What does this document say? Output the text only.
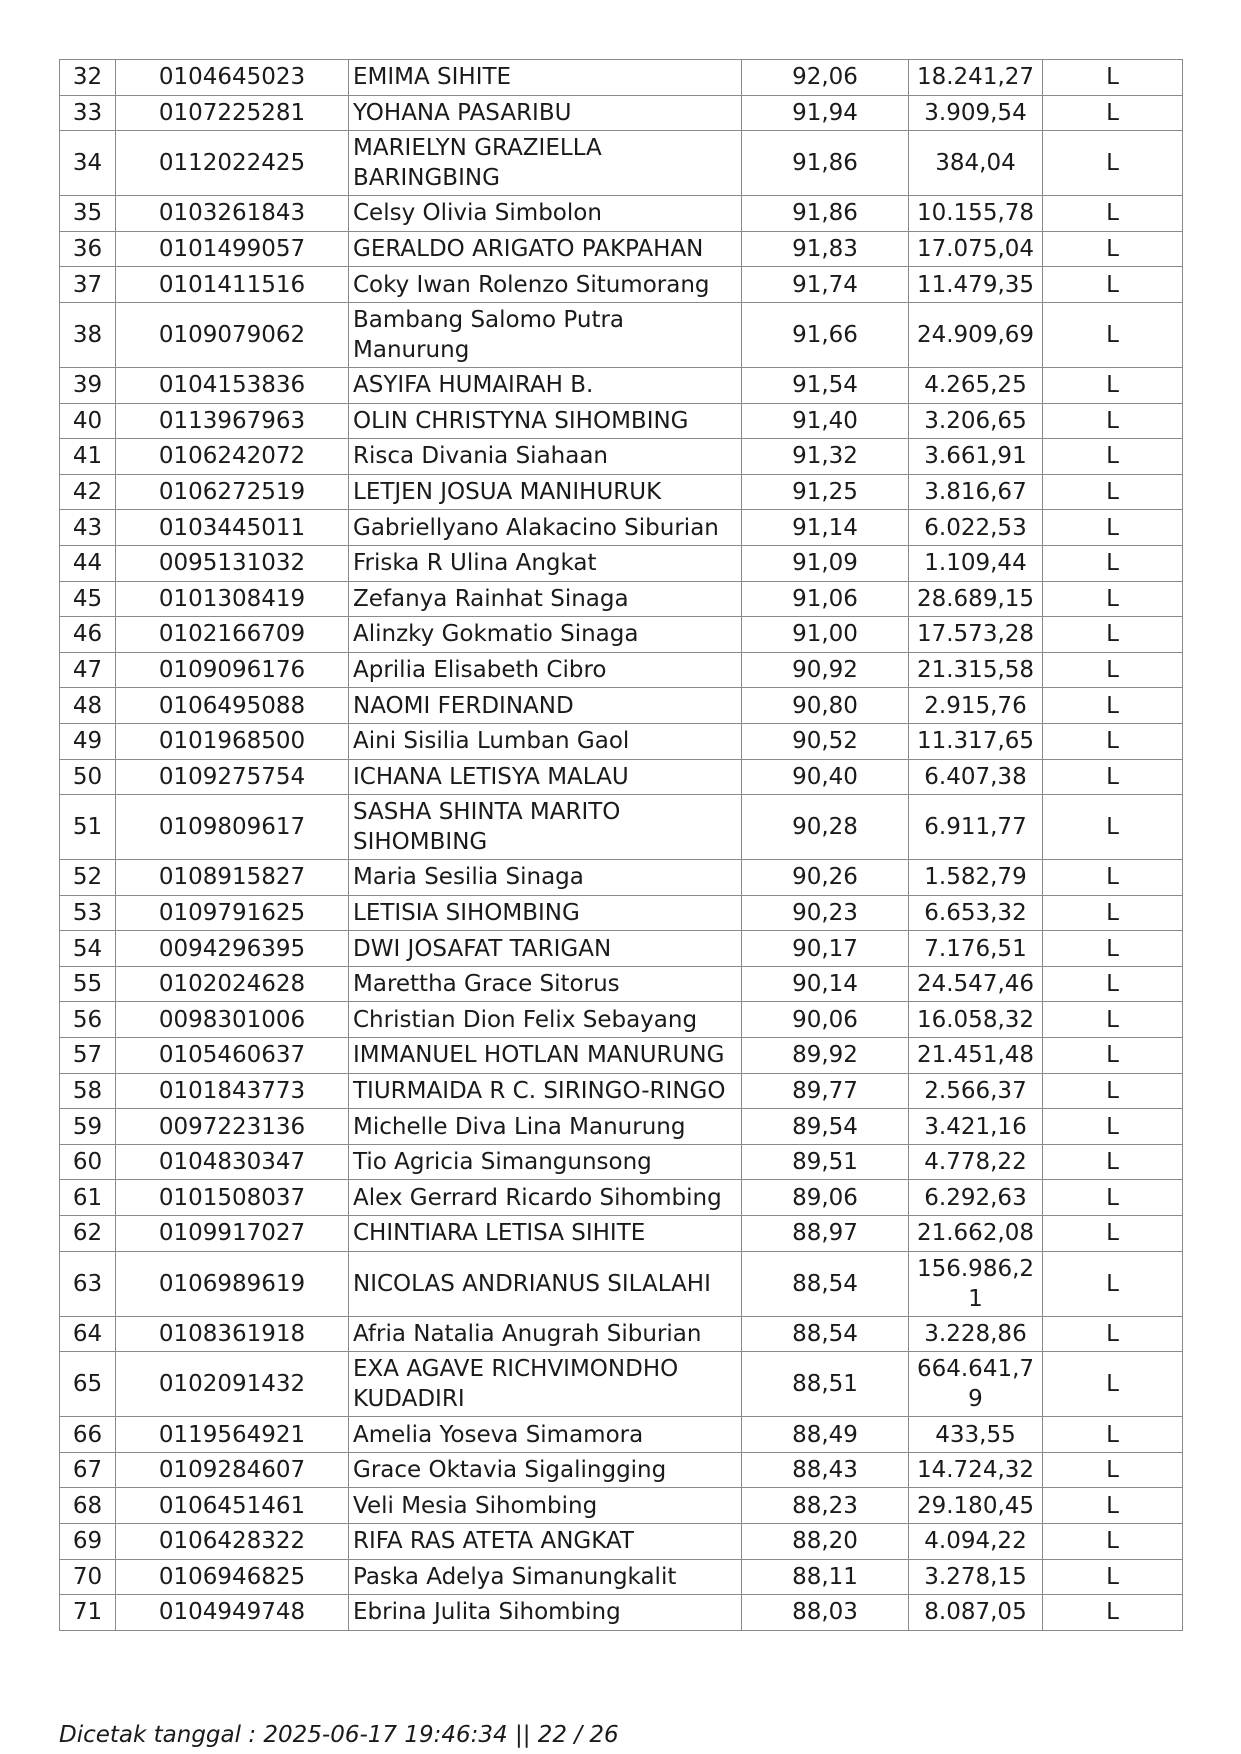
32	0104645023	EMIMA SIHITE	92,06	18.241,27	L
33	0107225281	YOHANA PASARIBU	91,94	3.909,54	L
34	0112022425	MARIELYN GRAZIELLA BARINGBING	91,86	384,04	L
35	0103261843	Celsy Olivia Simbolon	91,86	10.155,78	L
36	0101499057	GERALDO ARIGATO PAKPAHAN	91,83	17.075,04	L
37	0101411516	Coky Iwan Rolenzo Situmorang	91,74	11.479,35	L
38	0109079062	Bambang Salomo Putra Manurung	91,66	24.909,69	L
39	0104153836	ASYIFA HUMAIRAH B.	91,54	4.265,25	L
40	0113967963	OLIN CHRISTYNA SIHOMBING	91,40	3.206,65	L
41	0106242072	Risca Divania Siahaan	91,32	3.661,91	L
42	0106272519	LETJEN JOSUA MANIHURUK	91,25	3.816,67	L
43	0103445011	Gabriellyano Alakacino Siburian	91,14	6.022,53	L
44	0095131032	Friska R Ulina Angkat	91,09	1.109,44	L
45	0101308419	Zefanya Rainhat Sinaga	91,06	28.689,15	L
46	0102166709	Alinzky Gokmatio Sinaga	91,00	17.573,28	L
47	0109096176	Aprilia Elisabeth Cibro	90,92	21.315,58	L
48	0106495088	NAOMI FERDINAND	90,80	2.915,76	L
49	0101968500	Aini Sisilia Lumban Gaol	90,52	11.317,65	L
50	0109275754	ICHANA LETISYA MALAU	90,40	6.407,38	L
51	0109809617	SASHA SHINTA MARITO SIHOMBING	90,28	6.911,77	L
52	0108915827	Maria Sesilia Sinaga	90,26	1.582,79	L
53	0109791625	LETISIA SIHOMBING	90,23	6.653,32	L
54	0094296395	DWI JOSAFAT TARIGAN	90,17	7.176,51	L
55	0102024628	Marettha Grace Sitorus	90,14	24.547,46	L
56	0098301006	Christian Dion Felix Sebayang	90,06	16.058,32	L
57	0105460637	IMMANUEL HOTLAN MANURUNG	89,92	21.451,48	L
58	0101843773	TIURMAIDA R C. SIRINGO-RINGO	89,77	2.566,37	L
59	0097223136	Michelle Diva Lina Manurung	89,54	3.421,16	L
60	0104830347	Tio Agricia Simangunsong	89,51	4.778,22	L
61	0101508037	Alex Gerrard Ricardo Sihombing	89,06	6.292,63	L
62	0109917027	CHINTIARA LETISA SIHITE	88,97	21.662,08	L
63	0106989619	NICOLAS ANDRIANUS SILALAHI	88,54	156.986,21	L
64	0108361918	Afria Natalia Anugrah Siburian	88,54	3.228,86	L
65	0102091432	EXA AGAVE RICHVIMONDHO KUDADIRI	88,51	664.641,79	L
66	0119564921	Amelia Yoseva Simamora	88,49	433,55	L
67	0109284607	Grace Oktavia Sigalingging	88,43	14.724,32	L
68	0106451461	Veli Mesia Sihombing	88,23	29.180,45	L
69	0106428322	RIFA RAS ATETA ANGKAT	88,20	4.094,22	L
70	0106946825	Paska Adelya Simanungkalit	88,11	3.278,15	L
71	0104949748	Ebrina Julita Sihombing	88,03	8.087,05	L
Dicetak tanggal : 2025-06-17 19:46:34 || 22 / 26
